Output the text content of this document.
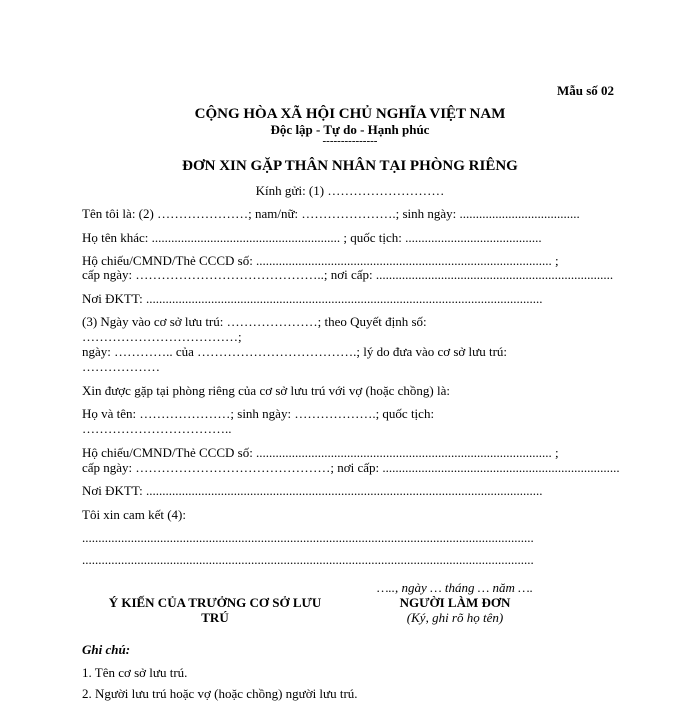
Mẫu số 02
CỘNG HÒA XÃ HỘI CHỦ NGHĨA VIỆT NAM
Độc lập - Tự do - Hạnh phúc
---------------
ĐƠN XIN GẶP THÂN NHÂN TẠI PHÒNG RIÊNG
Kính gửi: (1) ………………………
Tên tôi là: (2) …………………; nam/nữ: ………………….; sinh ngày: .....................................
Họ tên khác: .......................................................... ; quốc tịch: ..........................................
Hộ chiếu/CMND/Thẻ CCCD số: ........................................................................................... ;
cấp ngày: ……………………………………..; nơi cấp: .........................................................................
Nơi ĐKTT: ..........................................................................................................................
(3) Ngày vào cơ sở lưu trú: …………………; theo Quyết định số:
………………………………;
ngày: ………….. của ……………………………….; lý do đưa vào cơ sở lưu trú:
………………
Xin được gặp tại phòng riêng của cơ sở lưu trú với vợ (hoặc chồng) là:
Họ và tên: …………………; sinh ngày: ……………….; quốc tịch:
……………………………..
Hộ chiếu/CMND/Thẻ CCCD số: ........................................................................................... ;
cấp ngày: ………………………………………; nơi cấp: .........................................................................
Nơi ĐKTT: ..........................................................................................................................
Tôi xin cam kết (4):
...........................................................................................................................................
...........................................................................................................................................
Ý KIẾN CỦA TRƯỞNG CƠ SỞ LƯU
TRÚ
….., ngày … tháng … năm ….
NGƯỜI LÀM ĐƠN
(Ký, ghi rõ họ tên)
Ghi chú:
1. Tên cơ sở lưu trú.
2. Người lưu trú hoặc vợ (hoặc chồng) người lưu trú.
